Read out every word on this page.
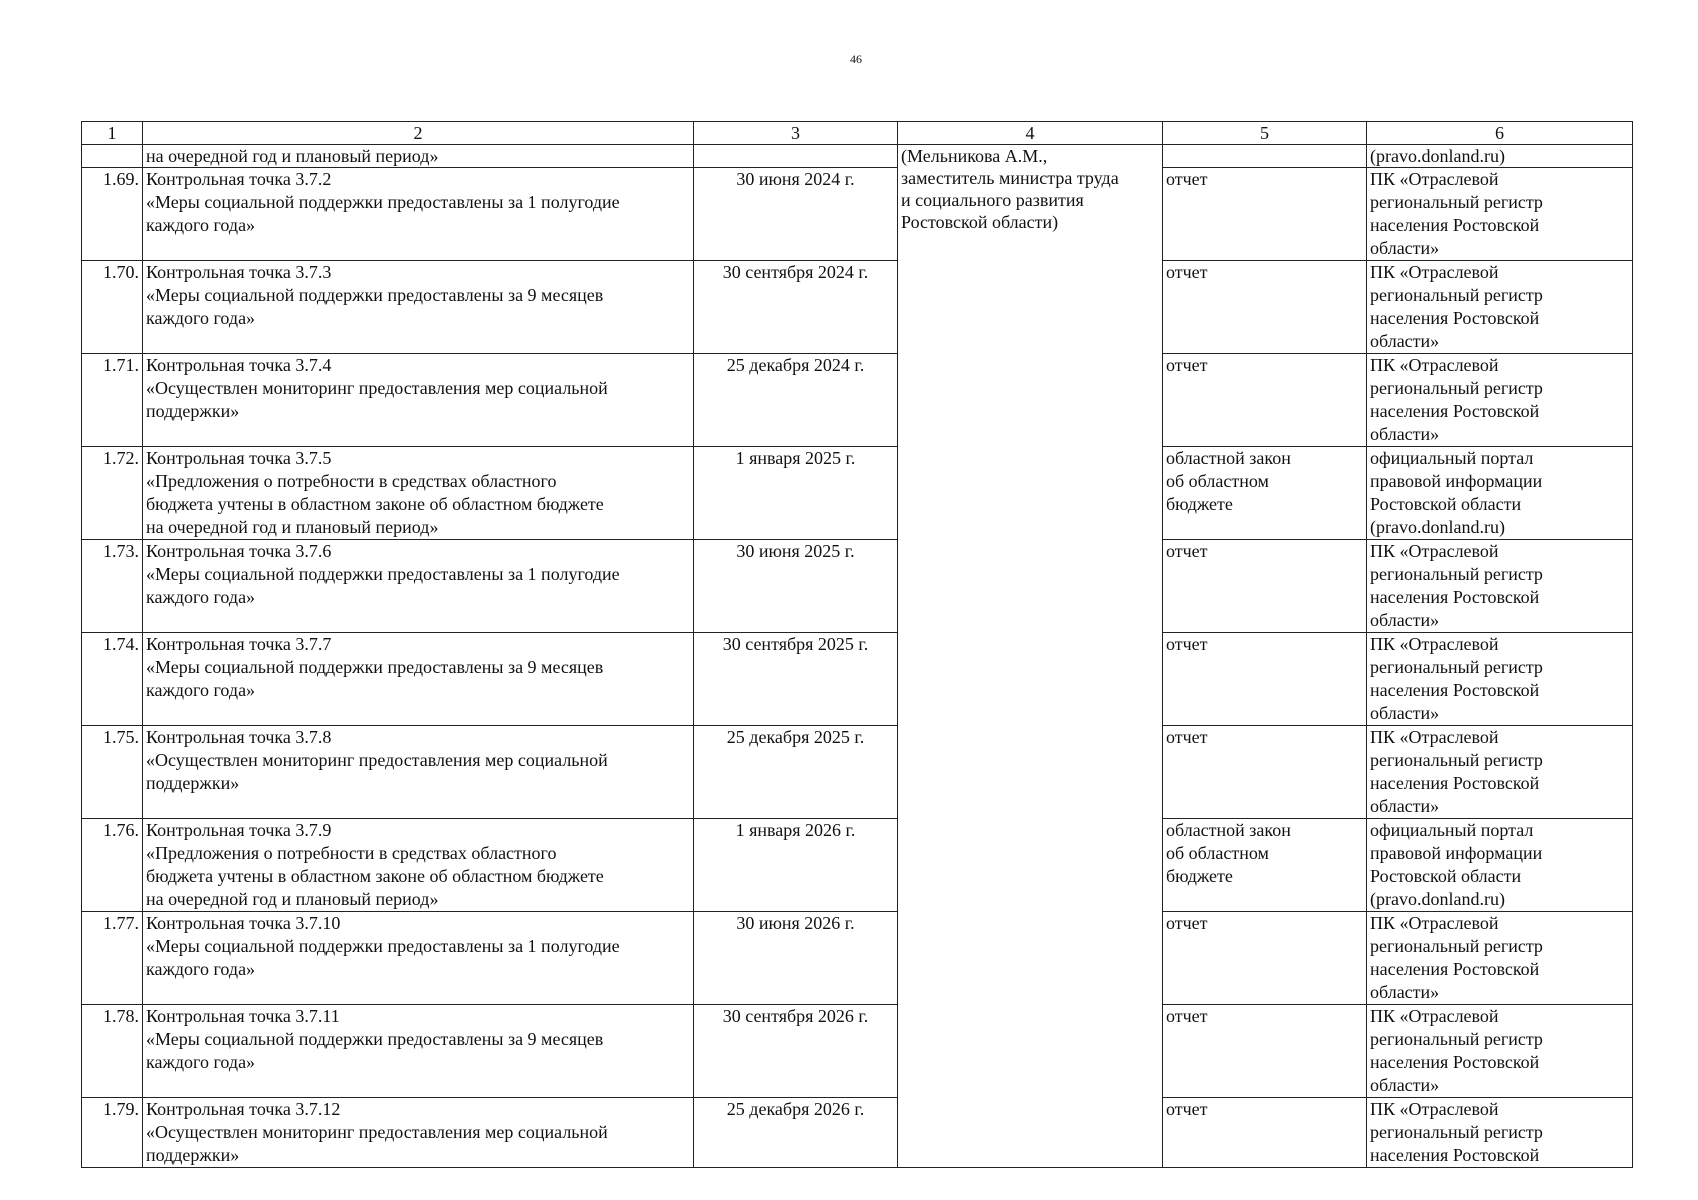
46
1	2	3	4	5	6
	на очередной год и плановый период»		(Мельникова А.М.,
заместитель министра труда
и социального развития
Ростовской области)		(pravo.donland.ru)
1.69.	Контрольная точка 3.7.2
«Меры социальной поддержки предоставлены за 1 полугодие
каждого года»	30 июня 2024 г.		отчет	ПК «Отраслевой
региональный регистр
населения Ростовской
области»

1.70.	Контрольная точка 3.7.3
«Меры социальной поддержки предоставлены за 9 месяцев
каждого года»	30 сентября 2024 г.		отчет	ПК «Отраслевой
региональный регистр
населения Ростовской
области»

1.71.	Контрольная точка 3.7.4
«Осуществлен мониторинг предоставления мер социальной
поддержки»	25 декабря 2024 г.		отчет	ПК «Отраслевой
региональный регистр
населения Ростовской
области»

1.72.	Контрольная точка 3.7.5
«Предложения о потребности в средствах областного
бюджета учтены в областном законе об областном бюджете
на очередной год и плановый период»	1 января 2025 г.		областной закон
об областном
бюджете	официальный портал
правовой информации
Ростовской области
(pravo.donland.ru)

1.73.	Контрольная точка 3.7.6
«Меры социальной поддержки предоставлены за 1 полугодие
каждого года»	30 июня 2025 г.		отчет	ПК «Отраслевой
региональный регистр
населения Ростовской
области»

1.74.	Контрольная точка 3.7.7
«Меры социальной поддержки предоставлены за 9 месяцев
каждого года»	30 сентября 2025 г.		отчет	ПК «Отраслевой
региональный регистр
населения Ростовской
области»

1.75.	Контрольная точка 3.7.8
«Осуществлен мониторинг предоставления мер социальной
поддержки»	25 декабря 2025 г.		отчет	ПК «Отраслевой
региональный регистр
населения Ростовской
области»

1.76.	Контрольная точка 3.7.9
«Предложения о потребности в средствах областного
бюджета учтены в областном законе об областном бюджете
на очередной год и плановый период»	1 января 2026 г.		областной закон
об областном
бюджете	официальный портал
правовой информации
Ростовской области
(pravo.donland.ru)

1.77.	Контрольная точка 3.7.10
«Меры социальной поддержки предоставлены за 1 полугодие
каждого года»	30 июня 2026 г.		отчет	ПК «Отраслевой
региональный регистр
населения Ростовской
области»

1.78.	Контрольная точка 3.7.11
«Меры социальной поддержки предоставлены за 9 месяцев
каждого года»	30 сентября 2026 г.		отчет	ПК «Отраслевой
региональный регистр
населения Ростовской
области»

1.79.	Контрольная точка 3.7.12
«Осуществлен мониторинг предоставления мер социальной
поддержки»	25 декабря 2026 г.		отчет	ПК «Отраслевой
региональный регистр
населения Ростовской
